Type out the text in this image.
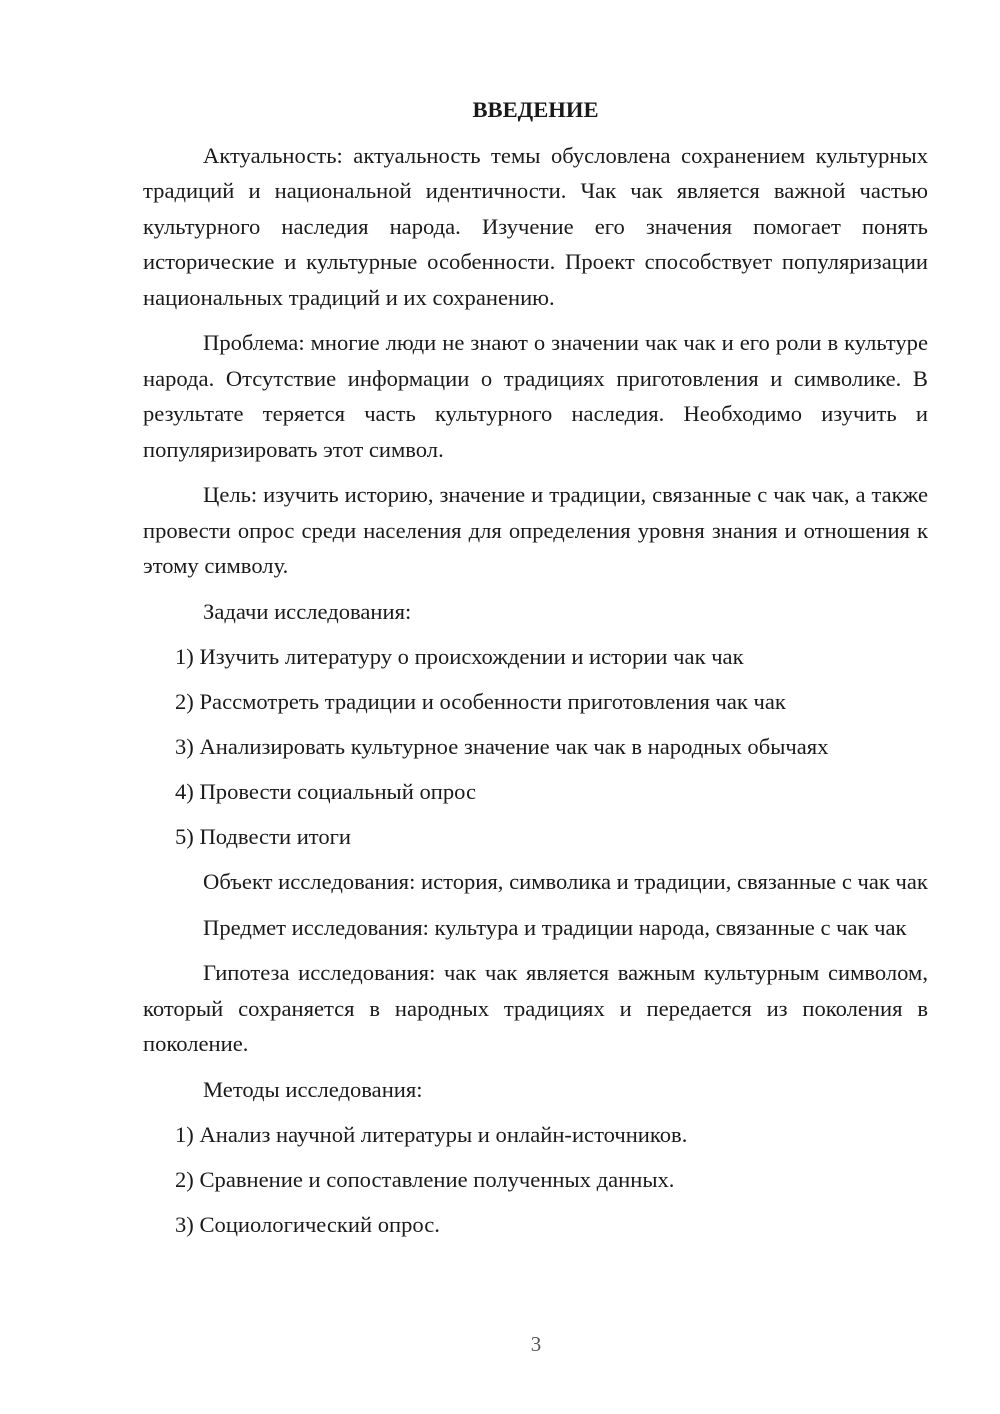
ВВЕДЕНИЕ

Актуальность: актуальность темы обусловлена сохранением культурных традиций и национальной идентичности. Чак чак является важной частью культурного наследия народа. Изучение его значения помогает понять исторические и культурные особенности. Проект способствует популяризации национальных традиций и их сохранению.

Проблема: многие люди не знают о значении чак чак и его роли в культуре народа. Отсутствие информации о традициях приготовления и символике. В результате теряется часть культурного наследия. Необходимо изучить и популяризировать этот символ.

Цель: изучить историю, значение и традиции, связанные с чак чак, а также провести опрос среди населения для определения уровня знания и отношения к этому символу.

Задачи исследования:
1) Изучить литературу о происхождении и истории чак чак
2) Рассмотреть традиции и особенности приготовления чак чак
3) Анализировать культурное значение чак чак в народных обычаях
4) Провести социальный опрос
5) Подвести итоги

Объект исследования: история, символика и традиции, связанные с чак чак

Предмет исследования: культура и традиции народа, связанные с чак чак

Гипотеза исследования: чак чак является важным культурным символом, который сохраняется в народных традициях и передается из поколения в поколение.

Методы исследования:
1) Анализ научной литературы и онлайн-источников.
2) Сравнение и сопоставление полученных данных.
3) Социологический опрос.
3
